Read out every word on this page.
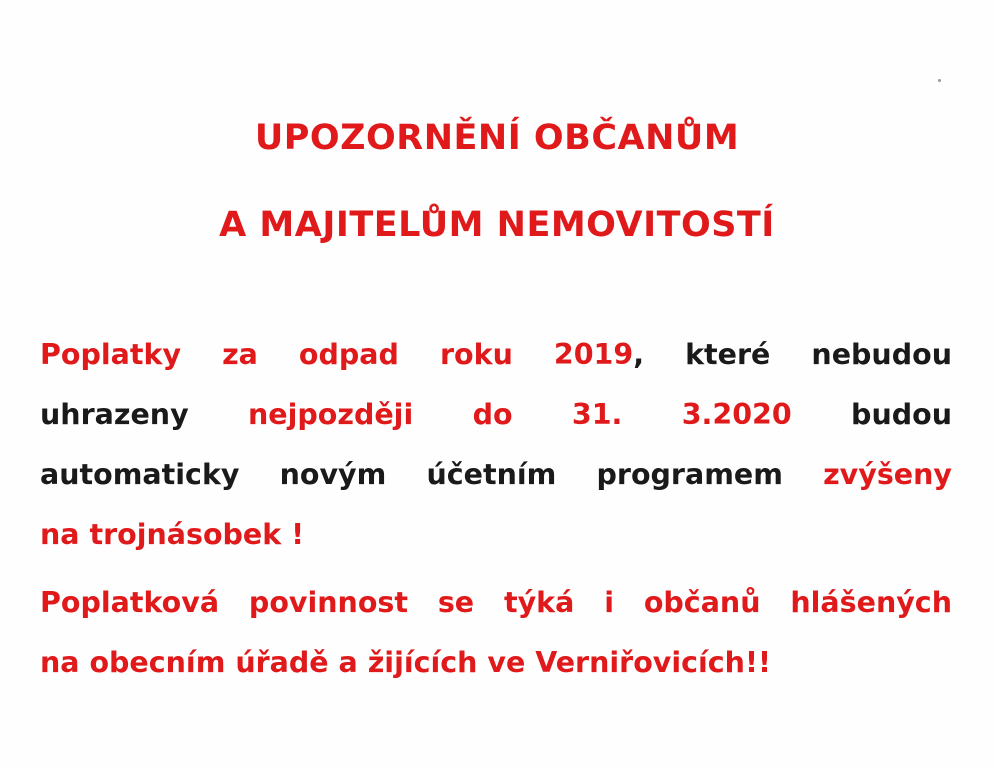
UPOZORNĚNÍ OBČANŮM
A MAJITELŮM NEMOVITOSTÍ
Poplatky za odpad roku 2019, které nebudou
uhrazeny nejpozději do 31. 3.2020 budou
automaticky novým účetním programem zvýšeny
na trojnásobek !
Poplatková povinnost se týká i občanů hlášených
na obecním úřadě a žijících ve Verniřovicích!!
